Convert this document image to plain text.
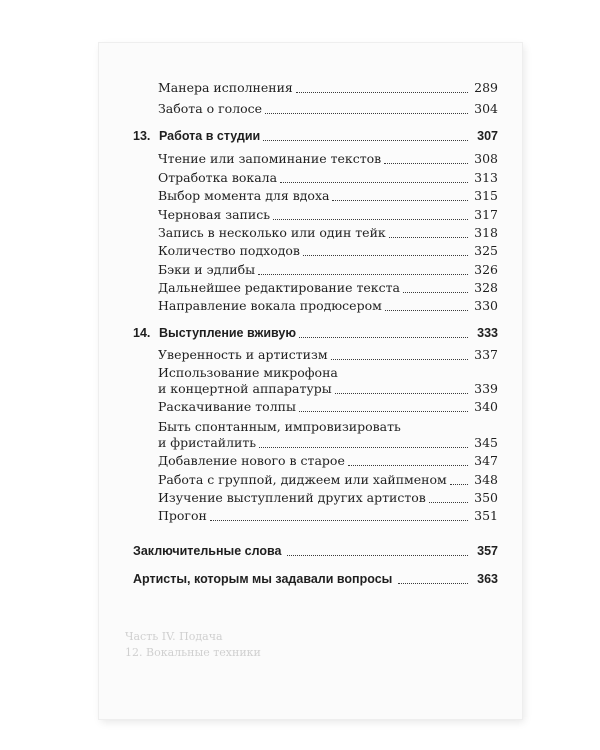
Часть IV. Подача
12. Вокальные техники
Манера исполнения	289
Забота о голосе	304
13. Работа в студии	307
Чтение или запоминание текстов	308
Отработка вокала	313
Выбор момента для вдоха	315
Черновая запись	317
Запись в несколько или один тейк	318
Количество подходов	325
Бэки и эдлибы	326
Дальнейшее редактирование текста	328
Направление вокала продюсером	330
14. Выступление вживую	333
Уверенность и артистизм	337
Использование микрофона
и концертной аппаратуры	339
Раскачивание толпы	340
Быть спонтанным, импровизировать
и фристайлить	345
Добавление нового в старое	347
Работа с группой, диджеем или хайпменом 348
Изучение выступлений других артистов	350
Прогон	351
Заключительные слова	357
Артисты, которым мы задавали вопросы	363
